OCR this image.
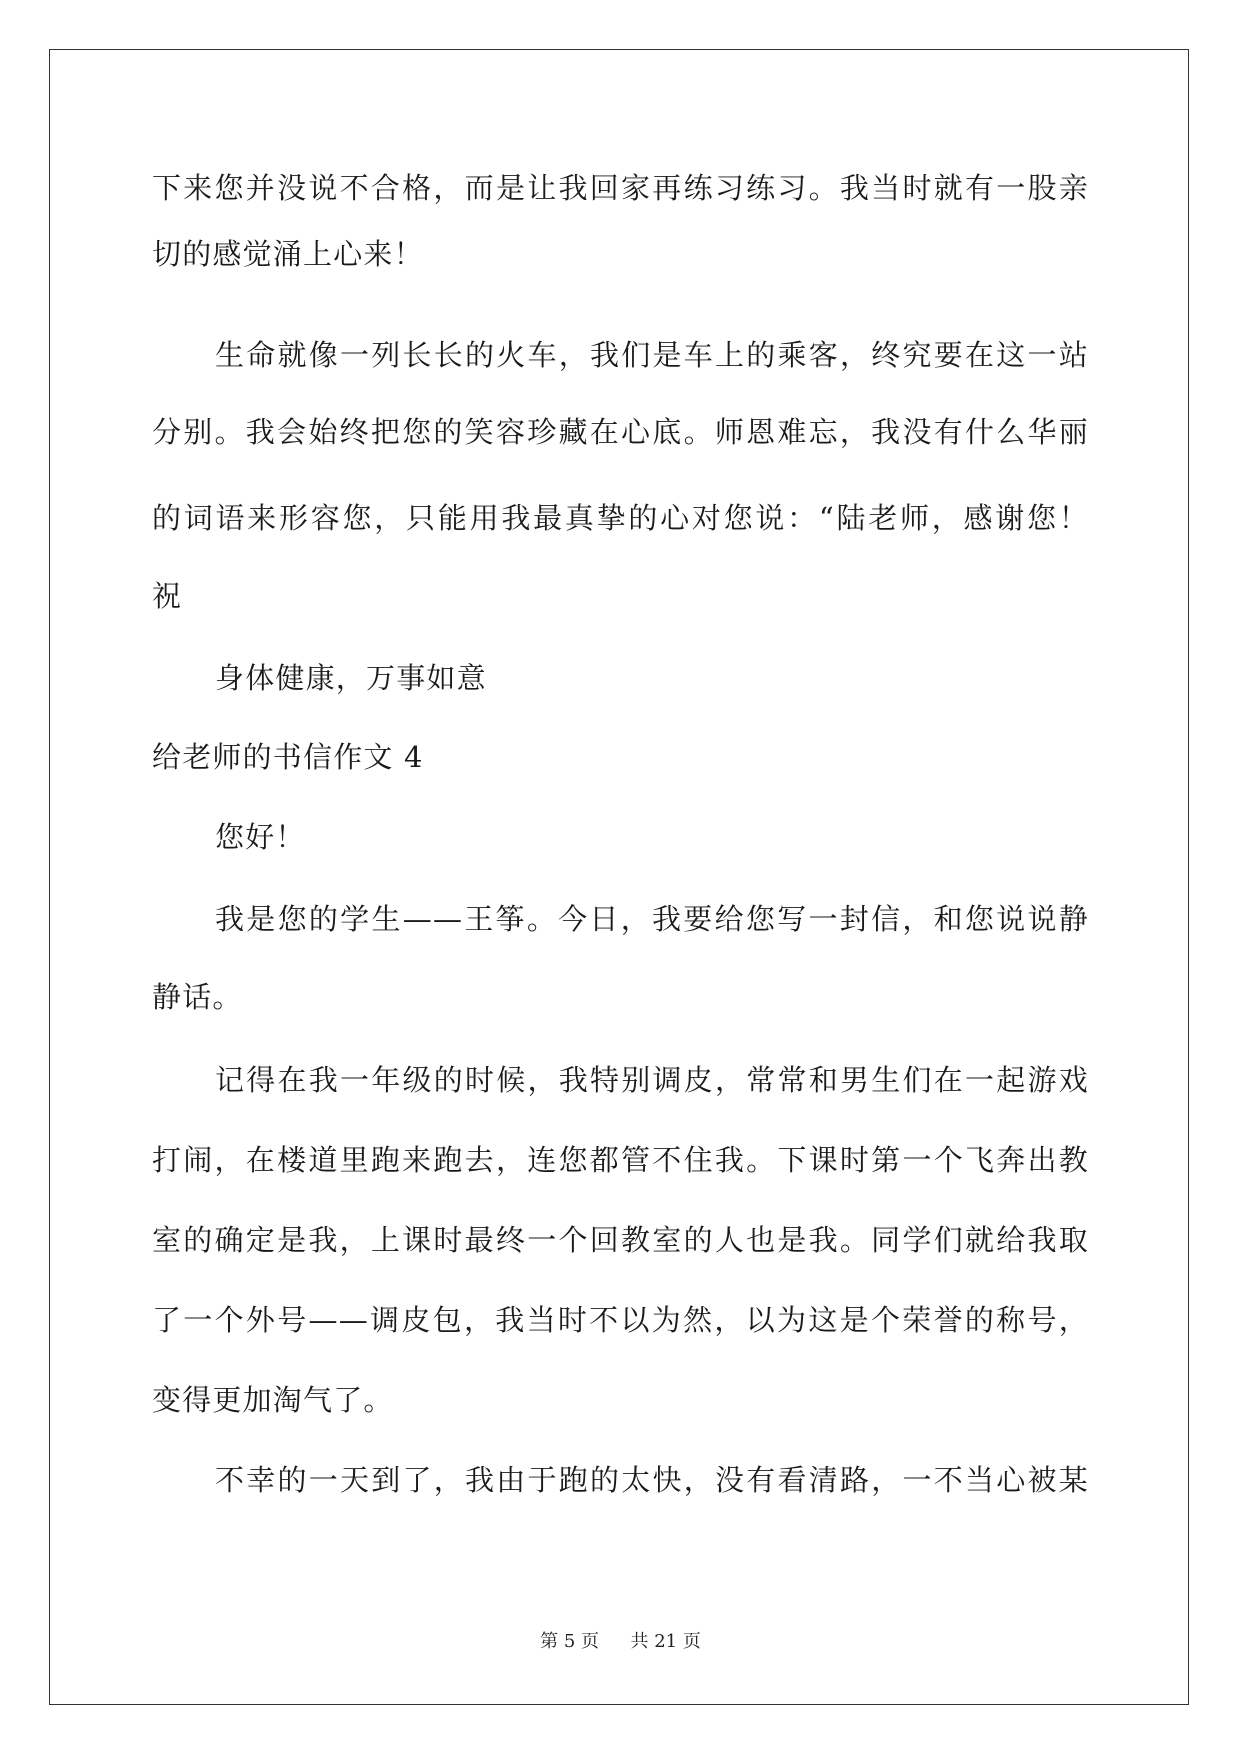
下来您并没说不合格，而是让我回家再练习练习。我当时就有一股亲
切的感觉涌上心来！
生命就像一列长长的火车，我们是车上的乘客，终究要在这一站
分别。我会始终把您的笑容珍藏在心底。师恩难忘，我没有什么华丽
的词语来形容您，只能用我最真挚的心对您说：“陆老师，感谢您！
祝
身体健康，万事如意
给老师的书信作文 4
您好！
我是您的学生——王筝。今日，我要给您写一封信，和您说说静
静话。
记得在我一年级的时候，我特别调皮，常常和男生们在一起游戏
打闹，在楼道里跑来跑去，连您都管不住我。下课时第一个飞奔出教
室的确定是我，上课时最终一个回教室的人也是我。同学们就给我取
了一个外号——调皮包，我当时不以为然，以为这是个荣誉的称号，
变得更加淘气了。
不幸的一天到了，我由于跑的太快，没有看清路，一不当心被某
第 5 页 共 21 页
